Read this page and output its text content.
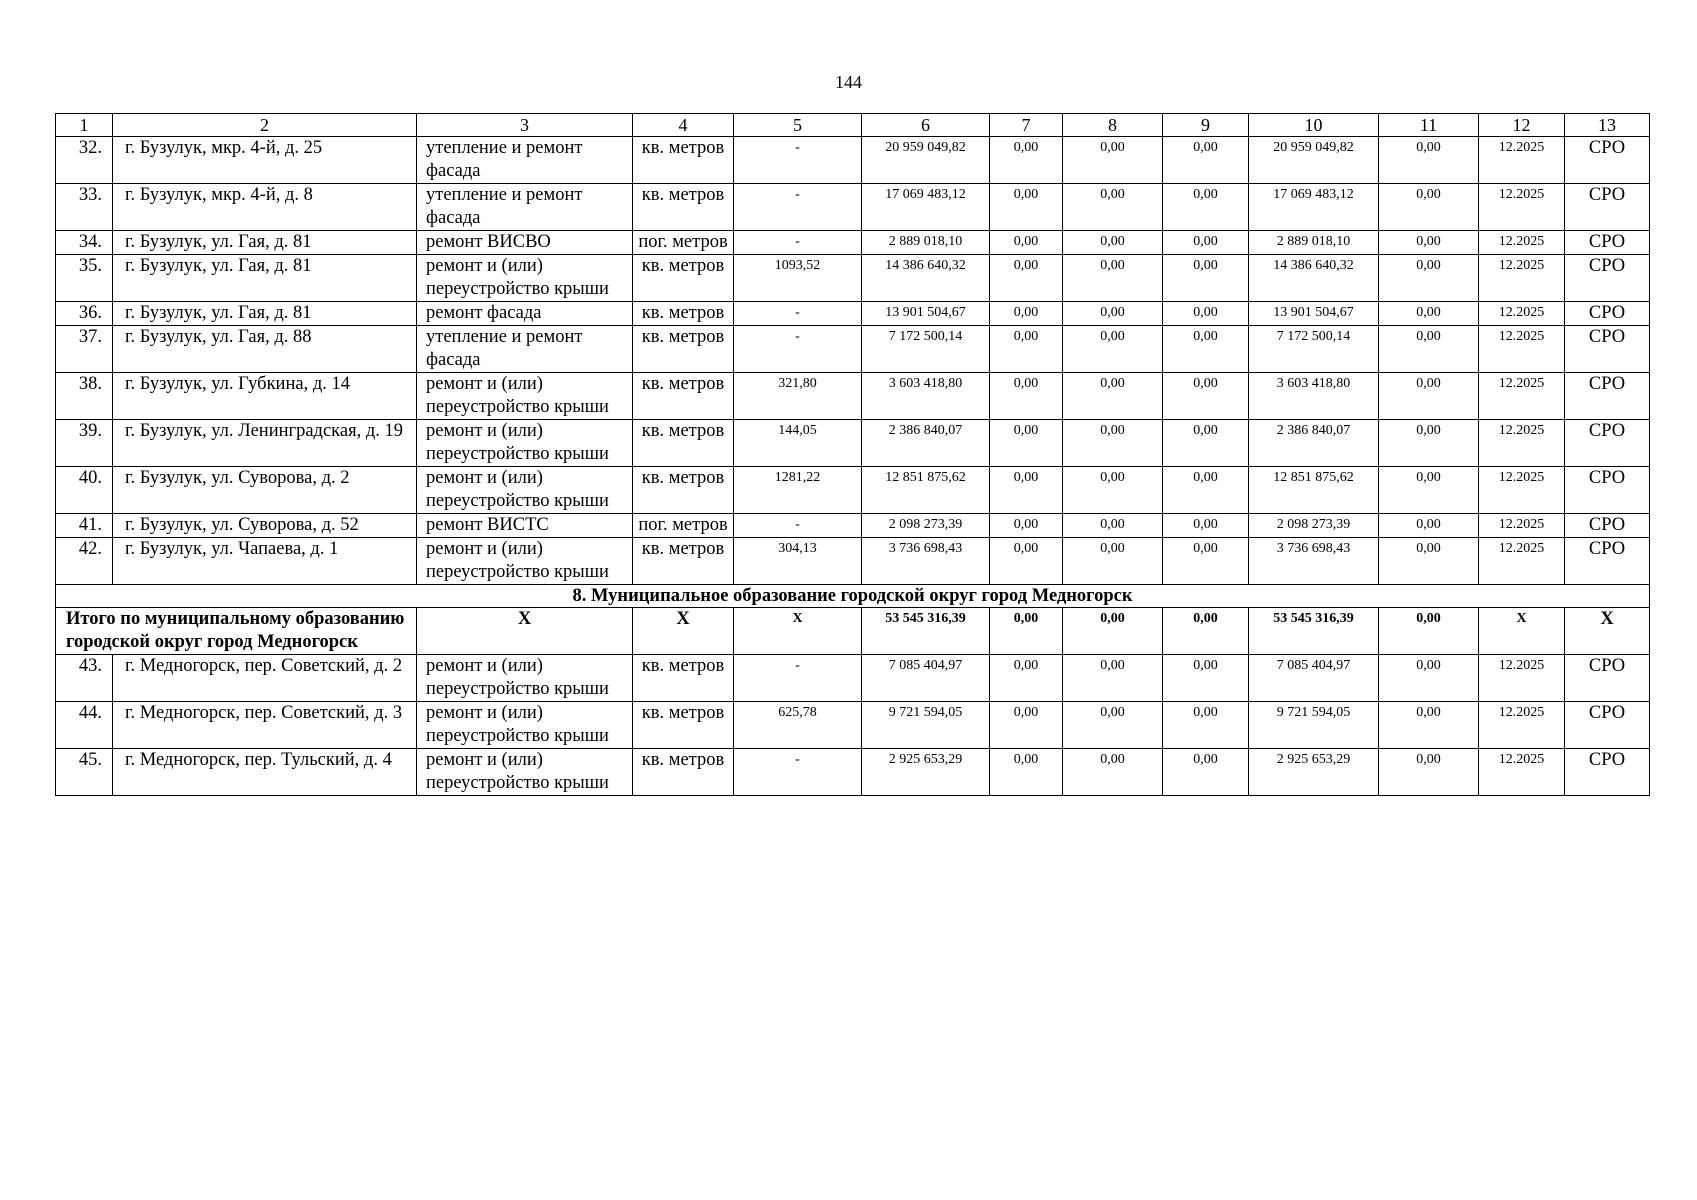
144
1	2	3	4	5	6	7	8	9	10	11	12	13
32.	г. Бузулук, мкр. 4-й, д. 25	утепление и ремонт фасада	кв. метров	-	20 959 049,82	0,00	0,00	0,00	20 959 049,82	0,00	12.2025	СРО
33.	г. Бузулук, мкр. 4-й, д. 8	утепление и ремонт фасада	кв. метров	-	17 069 483,12	0,00	0,00	0,00	17 069 483,12	0,00	12.2025	СРО
34.	г. Бузулук, ул. Гая, д. 81	ремонт ВИСВО	пог. метров	-	2 889 018,10	0,00	0,00	0,00	2 889 018,10	0,00	12.2025	СРО
35.	г. Бузулук, ул. Гая, д. 81	ремонт и (или) переустройство крыши	кв. метров	1093,52	14 386 640,32	0,00	0,00	0,00	14 386 640,32	0,00	12.2025	СРО
36.	г. Бузулук, ул. Гая, д. 81	ремонт фасада	кв. метров	-	13 901 504,67	0,00	0,00	0,00	13 901 504,67	0,00	12.2025	СРО
37.	г. Бузулук, ул. Гая, д. 88	утепление и ремонт фасада	кв. метров	-	7 172 500,14	0,00	0,00	0,00	7 172 500,14	0,00	12.2025	СРО
38.	г. Бузулук, ул. Губкина, д. 14	ремонт и (или) переустройство крыши	кв. метров	321,80	3 603 418,80	0,00	0,00	0,00	3 603 418,80	0,00	12.2025	СРО
39.	г. Бузулук, ул. Ленинградская, д. 19	ремонт и (или) переустройство крыши	кв. метров	144,05	2 386 840,07	0,00	0,00	0,00	2 386 840,07	0,00	12.2025	СРО
40.	г. Бузулук, ул. Суворова, д. 2	ремонт и (или) переустройство крыши	кв. метров	1281,22	12 851 875,62	0,00	0,00	0,00	12 851 875,62	0,00	12.2025	СРО
41.	г. Бузулук, ул. Суворова, д. 52	ремонт ВИСТС	пог. метров	-	2 098 273,39	0,00	0,00	0,00	2 098 273,39	0,00	12.2025	СРО
42.	г. Бузулук, ул. Чапаева, д. 1	ремонт и (или) переустройство крыши	кв. метров	304,13	3 736 698,43	0,00	0,00	0,00	3 736 698,43	0,00	12.2025	СРО
8. Муниципальное образование городской округ город Медногорск												
Итого по муниципальному образованию городской округ город Медногорск		X	X	X	53 545 316,39	0,00	0,00	0,00	53 545 316,39	0,00	X	X
43.	г. Медногорск, пер. Советский, д. 2	ремонт и (или) переустройство крыши	кв. метров	-	7 085 404,97	0,00	0,00	0,00	7 085 404,97	0,00	12.2025	СРО
44.	г. Медногорск, пер. Советский, д. 3	ремонт и (или) переустройство крыши	кв. метров	625,78	9 721 594,05	0,00	0,00	0,00	9 721 594,05	0,00	12.2025	СРО
45.	г. Медногорск, пер. Тульский, д. 4	ремонт и (или) переустройство крыши	кв. метров	-	2 925 653,29	0,00	0,00	0,00	2 925 653,29	0,00	12.2025	СРО
